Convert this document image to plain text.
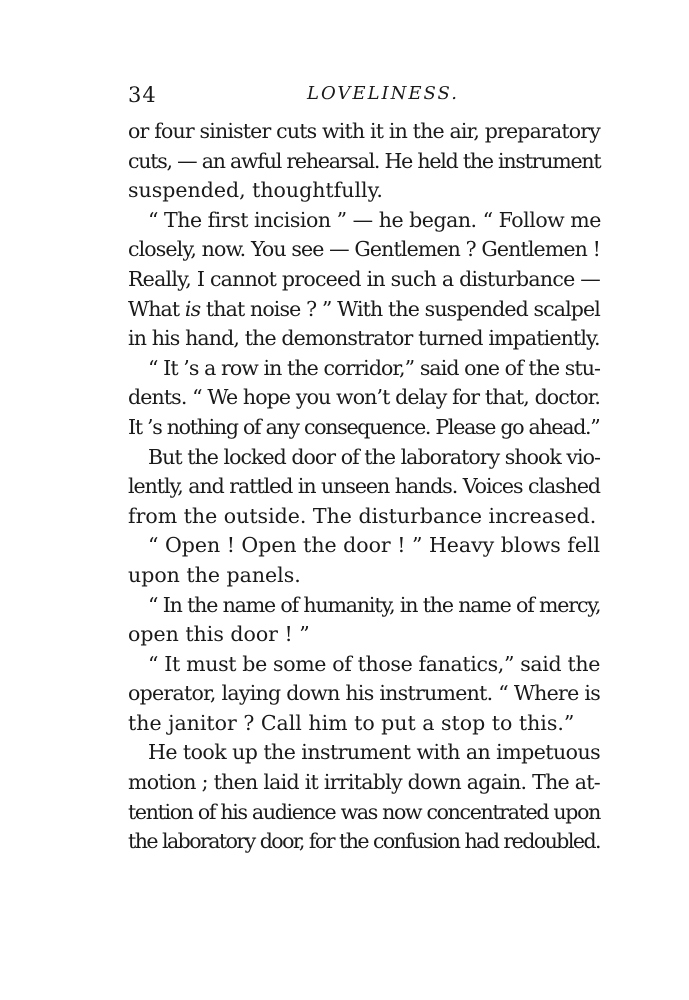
34	LOVELINESS.

or four sinister cuts with it in the air, preparatory
cuts, — an awful rehearsal. He held the instrument
suspended, thoughtfully.

“ The first incision ” — he began. “ Follow me
closely, now. You see — Gentlemen ? Gentlemen !
Really, I cannot proceed in such a disturbance —
What is that noise ? ” With the suspended scalpel
in his hand, the demonstrator turned impatiently.

“ It ’s a row in the corridor,” said one of the stu-
dents. “ We hope you won’t delay for that, doctor.
It ’s nothing of any consequence. Please go ahead.”

But the locked door of the laboratory shook vio-
lently, and rattled in unseen hands. Voices clashed
from the outside. The disturbance increased.

“ Open ! Open the door ! ” Heavy blows fell
upon the panels.

“ In the name of humanity, in the name of mercy,
open this door ! ”

“ It must be some of those fanatics,” said the
operator, laying down his instrument. “ Where is
the janitor ? Call him to put a stop to this.”

He took up the instrument with an impetuous
motion ; then laid it irritably down again. The at-
tention of his audience was now concentrated upon
the laboratory door, for the confusion had redoubled.
